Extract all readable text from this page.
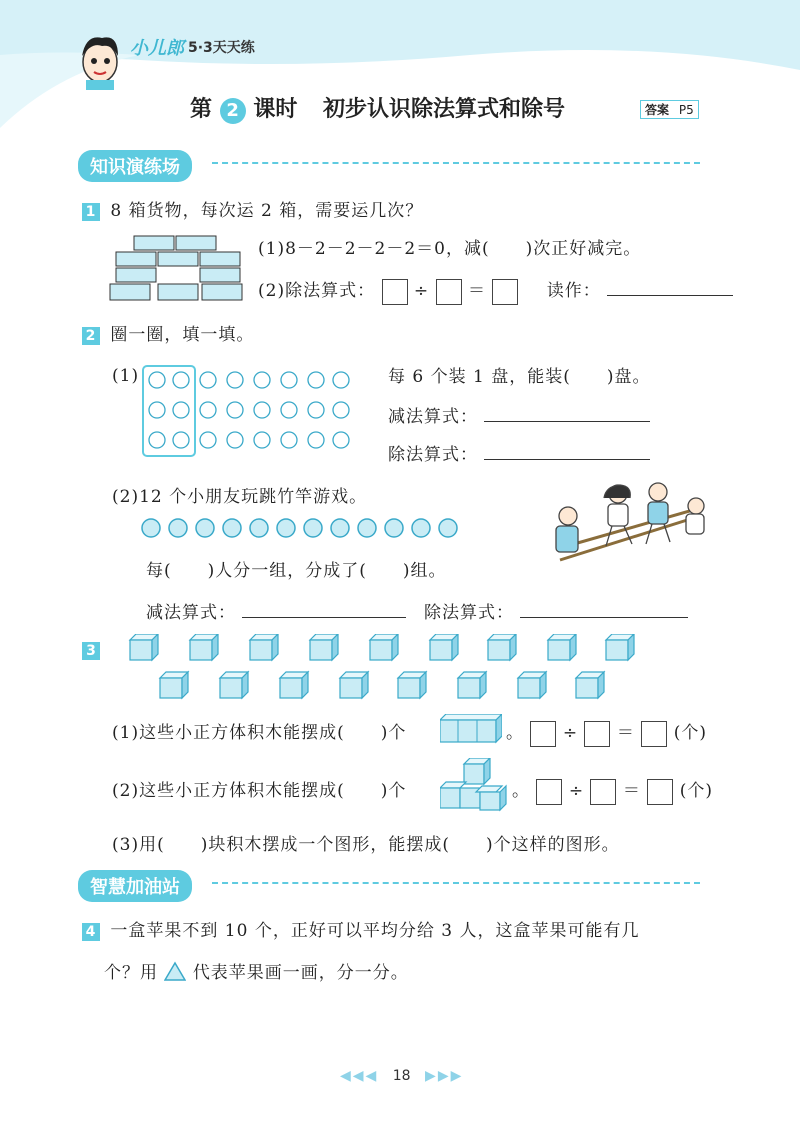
小儿郎 5·3天天练
第 2 课时 初步认识除法算式和除号	答案 P5
知识演练场
1 8 箱货物，每次运 2 箱，需要运几次？
(1)8－2－2－2－2＝0，减(　　)次正好减完。
(2)除法算式： ÷ ＝	读作：
2 圈一圈，填一填。
(1)	每 6 个装 1 盘，能装(　　)盘。
减法算式：
除法算式：
(2)12 个小朋友玩跳竹竿游戏。
每(　　)人分一组，分成了(　　)组。
减法算式：	除法算式：
3
(1)这些小正方体积木能摆成(　　)个	。 ÷ ＝ (个)
(2)这些小正方体积木能摆成(　　)个	。 ÷ ＝ (个)
(3)用(　　)块积木摆成一个图形，能摆成(　　)个这样的图形。
智慧加油站
4 一盒苹果不到 10 个，正好可以平均分给 3 人，这盒苹果可能有几
个？用 代表苹果画一画，分一分。
◀◀◀ 18 ▶▶▶
